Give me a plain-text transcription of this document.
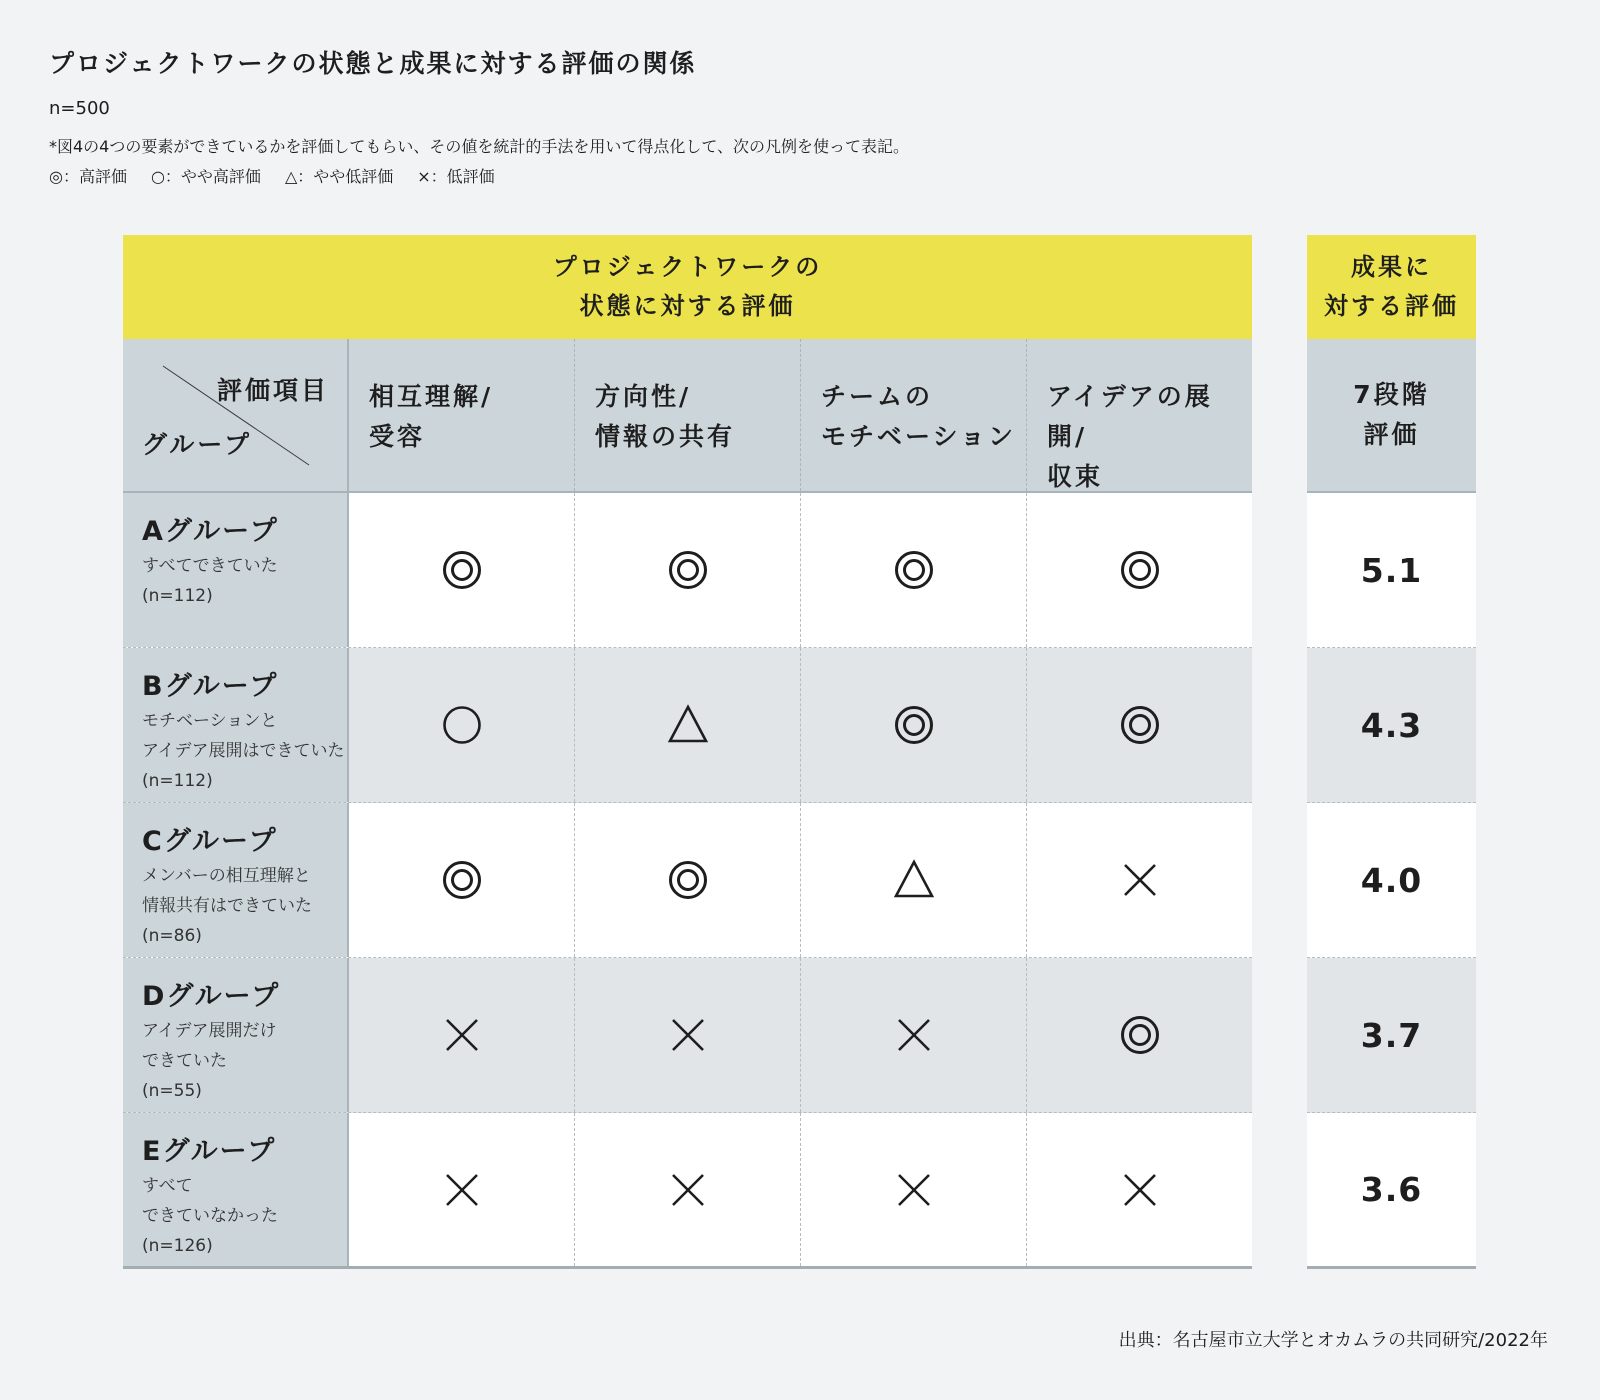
プロジェクトワークの状態と成果に対する評価の関係
n=500
*図4の4つの要素ができているかを評価してもらい、その値を統計的手法を用いて得点化して、次の凡例を使って表記。
◎：高評価 ○：やや高評価 △：やや低評価 ×：低評価
プロジェクトワークの
状態に対する評価
評価項目
グループ
相互理解/
受容
方向性/
情報の共有
チームの
モチベーション
アイデアの展開/
収束
Aグループ
すべてできていた
(n=112)
Bグループ
モチベーションと
アイデア展開はできていた
(n=112)
Cグループ
メンバーの相互理解と
情報共有はできていた
(n=86)
Dグループ
アイデア展開だけ
できていた
(n=55)
Eグループ
すべて
できていなかった
(n=126)
成果に
対する評価
7段階
評価
5.1
4.3
4.0
3.7
3.6
出典：名古屋市立大学とオカムラの共同研究/2022年
